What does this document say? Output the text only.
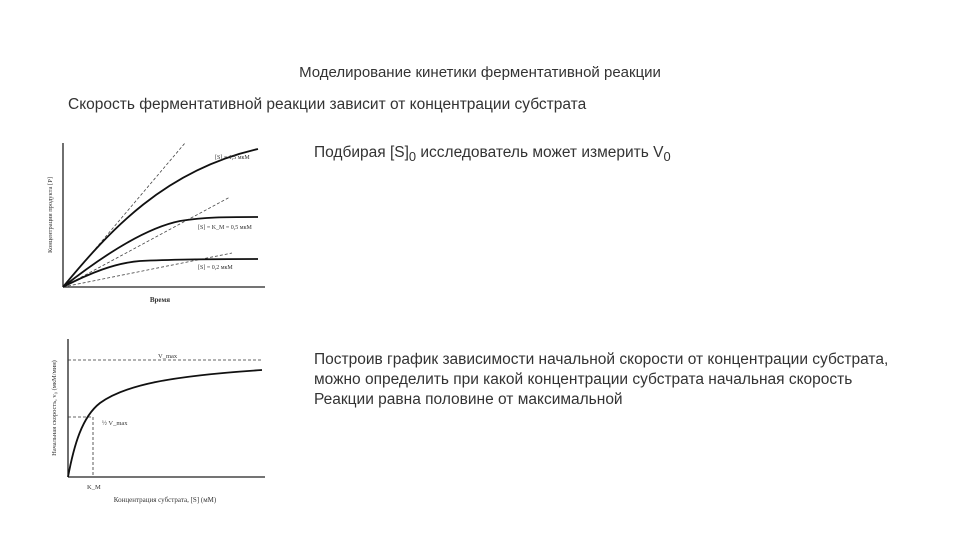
Моделирование кинетики ферментативной реакции
Скорость ферментативной реакции зависит от концентрации субстрата
Подбирая $[S]_0$ исследователь может измерить $V_0$
Построив график зависимости начальной скорости от концентрации субстрата,
можно определить при какой концентрации субстрата начальная скорость
Реакции равна половине от максимальной
[S] = 1,5 мкМ
[S] = K_M = 0,5 мкМ
[S] = 0,2 мкМ
Концентрация продукта [P]
Время
V_max
½ V_max
K_M
Начальная скорость, v₀ (мкМ/мин)
Концентрация субстрата, [S] (мМ)
